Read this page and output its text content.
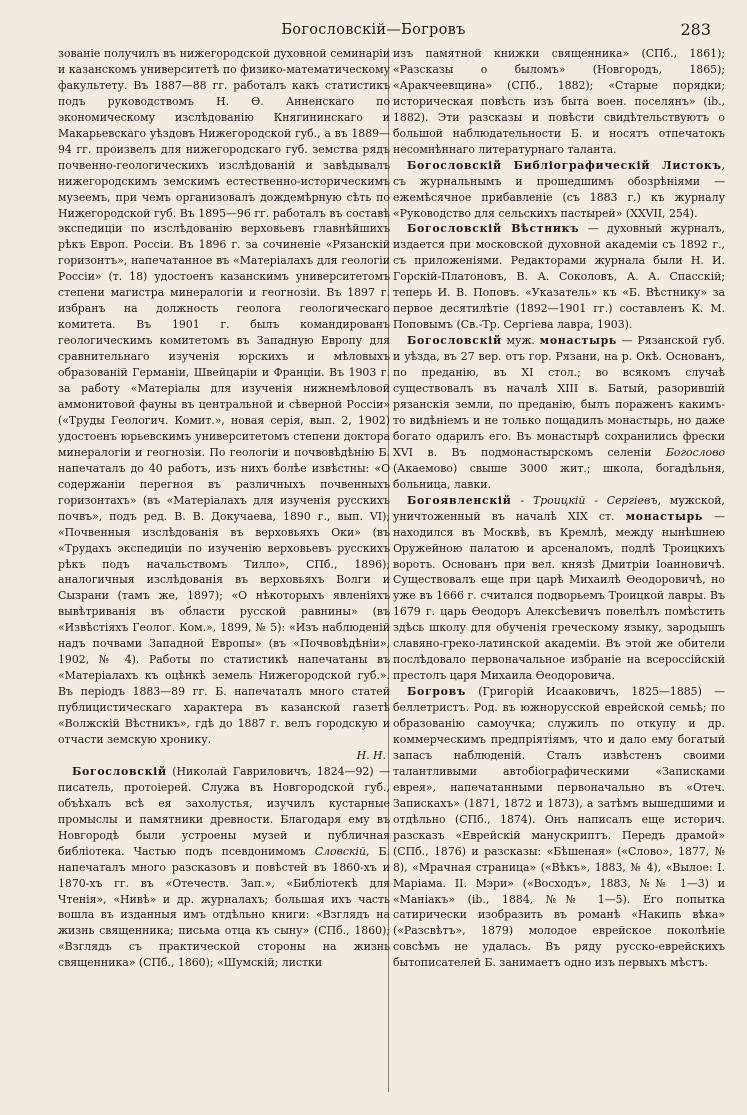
Богословскій—Богровъ	283

зованіе получилъ въ нижегородской духовной семинаріи и казанскомъ университетѣ по физико-математическому факультету. Въ 1887—88 гг. работалъ какъ статистикъ подъ руководствомъ Н. Ѳ. Анненскаго по экономическому изслѣдованію Княгининскаго и Макарьевскаго уѣздовъ Нижегородской губ., а въ 1889—94 гг. произвелъ для нижегородскаго губ. земства рядъ почвенно-геологическихъ изслѣдованій и завѣдывалъ нижегородскимъ земскимъ естественно-историческимъ музеемъ, при чемъ организовалъ дождемѣрную сѣть по Нижегородской губ. Въ 1895—96 гг. работалъ въ составѣ экспедиціи по изслѣдованію верховьевъ главнѣйшихъ рѣкъ Европ. Россіи. Въ 1896 г. за сочиненіе «Рязанскій горизонтъ», напечатанное въ «Матеріалахъ для геологіи Россіи» (т. 18) удостоенъ казанскимъ университетомъ степени магистра минералогіи и геогнозіи. Въ 1897 г. избранъ на должность геолога геологическаго комитета. Въ 1901 г. былъ командированъ геологическимъ комитетомъ въ Западную Европу для сравнительнаго изученія юрскихъ и мѣловыхъ образованій Германіи, Швейцаріи и Франціи. Въ 1903 г. за работу «Матеріалы для изученія нижнемѣловой аммонитовой фауны въ центральной и сѣверной Россіи» («Труды Геологич. Комит.», новая серія, вып. 2, 1902) удостоенъ юрьевскимъ университетомъ степени доктора минералогіи и геогнозіи. По геологіи и почвовѣдѣнію Б. напечаталъ до 40 работъ, изъ нихъ болѣе извѣстны: «О содержаніи перегноя въ различныхъ почвенныхъ горизонтахъ» (въ «Матеріалахъ для изученія русскихъ почвъ», подъ ред. В. В. Докучаева, 1890 г., вып. VI); «Почвенныя изслѣдованія въ верховьяхъ Оки» (въ «Трудахъ экспедиціи по изученію верховьевъ русскихъ рѣкъ подъ начальствомъ Тилло», СПб., 1896); аналогичныя изслѣдованія въ верховьяхъ Волги и Сызрани (тамъ же, 1897); «О нѣкоторыхъ явленіяхъ вывѣтриванія въ области русской равнины» (въ «Извѣстіяхъ Геолог. Ком.», 1899, № 5): «Изъ наблюденій надъ почвами Западной Европы» (въ «Почвовѣдѣніи», 1902, № 4). Работы по статистикѣ напечатаны въ «Матеріалахъ къ оцѣнкѣ земель Нижегородской губ.». Въ періодъ 1883—89 гг. Б. напечаталъ много статей публицистическаго характера въ казанской газетѣ «Волжскій Вѣстникъ», гдѣ до 1887 г. велъ городскую и отчасти земскую хронику.

Н. Н.

Богословскій (Николай Гавриловичъ, 1824—92) — писатель, протоіерей. Служа въ Новгородской губ., объѣхалъ всѣ ея захолустья, изучилъ кустарные промыслы и памятники древности. Благодаря ему въ Новгородѣ были устроены музей и публичная библіотека. Частью подъ псевдонимомъ Словскій, Б. напечаталъ много разсказовъ и повѣстей въ 1860-хъ и 1870-хъ гг. въ «Отечеств. Зап.», «Библіотекѣ для Чтенія», «Нивѣ» и др. журналахъ; большая ихъ часть вошла въ изданныя имъ отдѣльно книги: «Взглядъ на жизнь священника; письма отца къ сыну» (СПб., 1860); «Взглядъ съ практической стороны на жизнь священника» (СПб., 1860); «Шумскій; листки

изъ памятной книжки священника» (СПб., 1861); «Разсказы о быломъ» (Новгородъ, 1865); «Аракчеевщина» (СПб., 1882); «Старые порядки; историческая повѣсть изъ быта воен. поселянъ» (ib., 1882). Эти разсказы и повѣсти свидѣтельствуютъ о большой наблюдательности Б. и носятъ отпечатокъ несомнѣннаго литературнаго таланта.

Богословскій Библіографическій Листокъ, съ журнальнымъ и прошедшимъ обозрѣніями — ежемѣсячное прибавленіе (съ 1883 г.) къ журналу «Руководство для сельскихъ пастырей» (XXVII, 254).

Богословскій Вѣстникъ — духовный журналъ, издается при московской духовной академіи съ 1892 г., съ приложеніями. Редакторами журнала были Н. И. Горскій-Платоновъ, В. А. Соколовъ, А. А. Спасскій; теперь И. В. Поповъ. «Указатель» къ «Б. Вѣстнику» за первое десятилѣтіе (1892—1901 гг.) составленъ К. М. Поповымъ (Св.-Тр. Сергіева лавра, 1903).

Богословскій муж. монастырь — Рязанской губ. и уѣзда, въ 27 вер. отъ гор. Рязани, на р. Окѣ. Основанъ, по преданію, въ XI стол.; во всякомъ случаѣ существовалъ въ началѣ XIII в. Батый, разорившій рязанскія земли, по преданію, былъ пораженъ какимъ-то видѣніемъ и не только пощадилъ монастырь, но даже богато одарилъ его. Въ монастырѣ сохранились фрески XVI в. Въ подмонастырскомъ селеніи Богослово (Акаемово) свыше 3000 жит.; школа, богадѣльня, больница, лавки.

Богоявленскій - Троицкій - Сергіевъ, мужской, уничтоженный въ началѣ XIX ст. монастырь — находился въ Москвѣ, въ Кремлѣ, между нынѣшнею Оружейною палатою и арсеналомъ, подлѣ Троицкихъ воротъ. Основанъ при вел. князѣ Дмитріи Іоанновичѣ. Существовалъ еще при царѣ Михаилѣ Ѳеодоровичѣ, но уже въ 1666 г. считался подворьемъ Троицкой лавры. Въ 1679 г. царь Ѳеодоръ Алексѣевичъ повелѣлъ помѣстить здѣсь школу для обученія греческому языку, зародышъ славяно-греко-латинской академіи. Въ этой же обители послѣдовало первоначальное избраніе на всероссійскій престолъ царя Михаила Ѳеодоровича.

Богровъ (Григорій Исааковичъ, 1825—1885) — беллетристъ. Род. въ южнорусской еврейской семьѣ; по образованію самоучка; служилъ по откупу и др. коммерческимъ предпріятіямъ, что и дало ему богатый запасъ наблюденій. Сталъ извѣстенъ своими талантливыми автобіографическими «Записками еврея», напечатанными первоначально въ «Отеч. Запискахъ» (1871, 1872 и 1873), а затѣмъ вышедшими и отдѣльно (СПб., 1874). Онъ написалъ еще историч. разсказъ «Еврейскій манускриптъ. Передъ драмой» (СПб., 1876) и разсказы: «Бѣшеная» («Слово», 1877, № 8), «Мрачная страница» («Вѣкъ», 1883, № 4), «Вылое: I. Маріама. II. Мэри» («Восходъ», 1883, №№ 1—3) и «Маніакъ» (ib., 1884, №№ 1—5). Его попытка сатирически изобразить въ романѣ «Накипь вѣка» («Разсвѣтъ», 1879) молодое еврейское поколѣніе совсѣмъ не удалась. Въ ряду русско-еврейскихъ бытописателей Б. занимаетъ одно изъ первыхъ мѣстъ.
